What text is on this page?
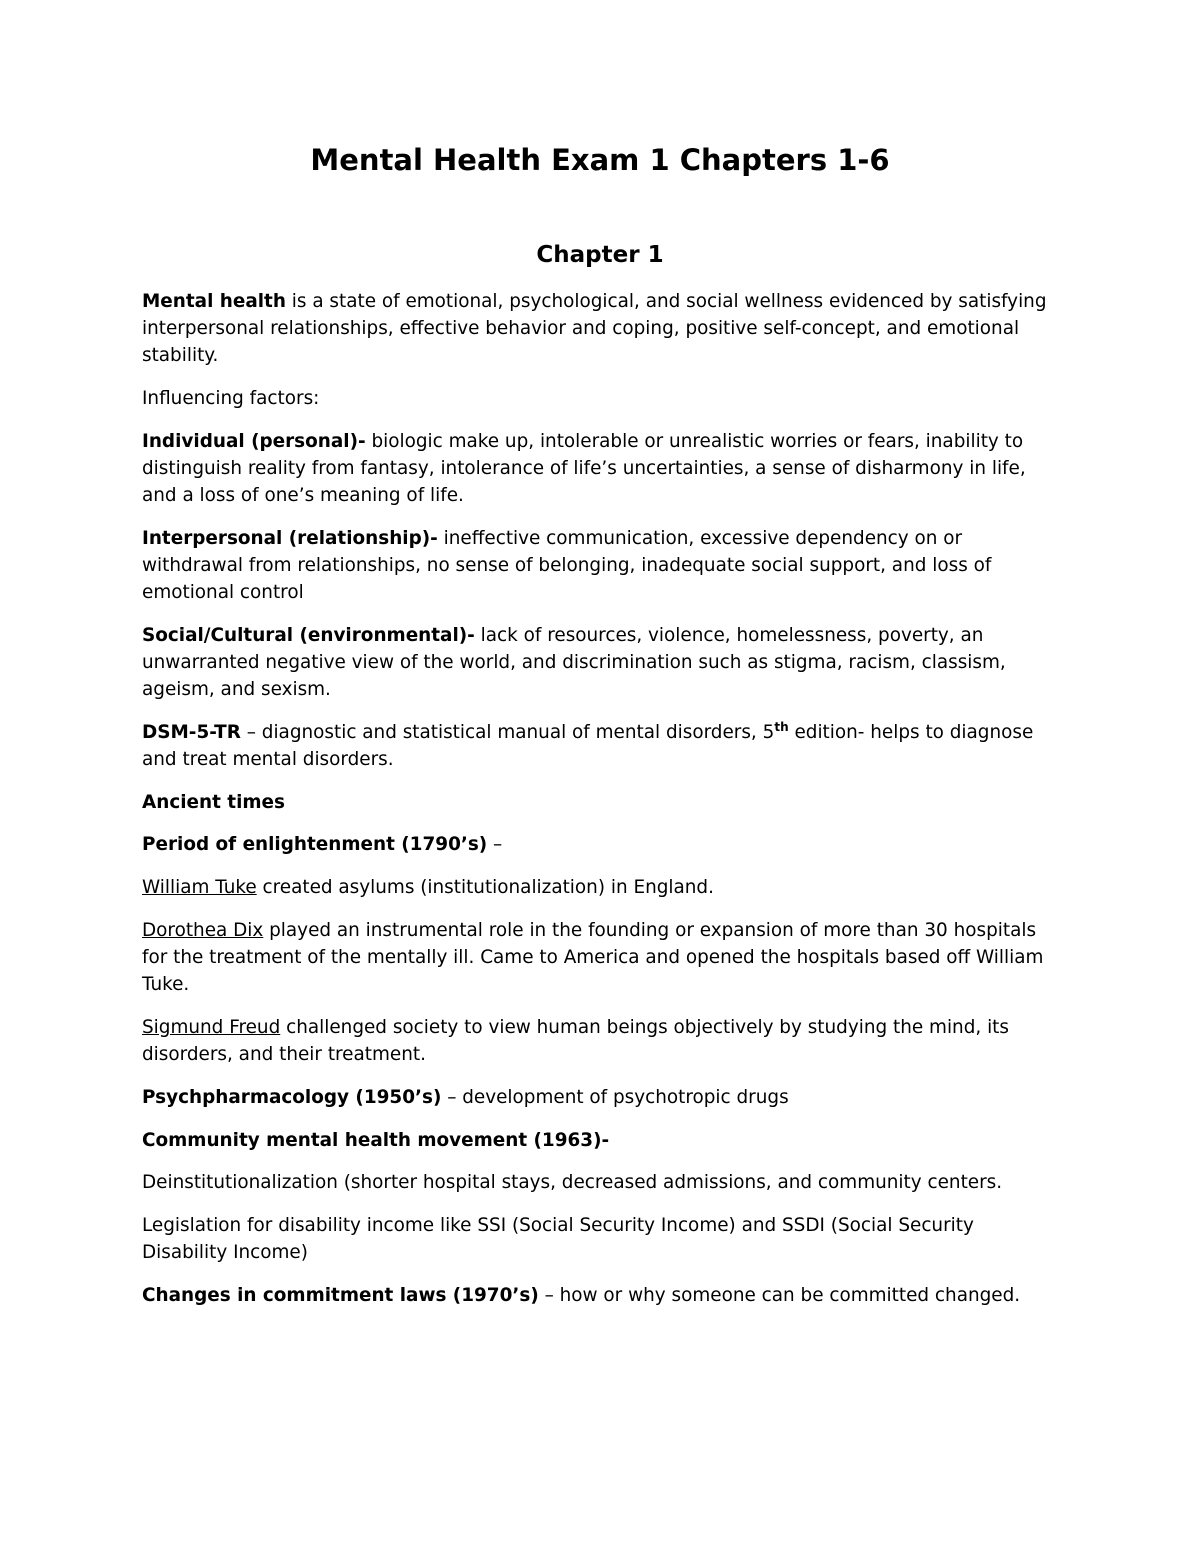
Mental Health Exam 1 Chapters 1-6
Chapter 1

Mental health is a state of emotional, psychological, and social wellness evidenced by satisfying interpersonal relationships, effective behavior and coping, positive self-concept, and emotional stability.

Influencing factors:

Individual (personal)- biologic make up, intolerable or unrealistic worries or fears, inability to distinguish reality from fantasy, intolerance of life’s uncertainties, a sense of disharmony in life, and a loss of one’s meaning of life.

Interpersonal (relationship)- ineffective communication, excessive dependency on or withdrawal from relationships, no sense of belonging, inadequate social support, and loss of emotional control

Social/Cultural (environmental)- lack of resources, violence, homelessness, poverty, an unwarranted negative view of the world, and discrimination such as stigma, racism, classism, ageism, and sexism.

DSM-5-TR – diagnostic and statistical manual of mental disorders, 5th edition- helps to diagnose and treat mental disorders.

Ancient times

Period of enlightenment (1790’s) –

William Tuke created asylums (institutionalization) in England.

Dorothea Dix played an instrumental role in the founding or expansion of more than 30 hospitals for the treatment of the mentally ill. Came to America and opened the hospitals based off William Tuke.

Sigmund Freud challenged society to view human beings objectively by studying the mind, its disorders, and their treatment.

Psychpharmacology (1950’s) – development of psychotropic drugs

Community mental health movement (1963)-

Deinstitutionalization (shorter hospital stays, decreased admissions, and community centers.

Legislation for disability income like SSI (Social Security Income) and SSDI (Social Security Disability Income)

Changes in commitment laws (1970’s) – how or why someone can be committed changed.
